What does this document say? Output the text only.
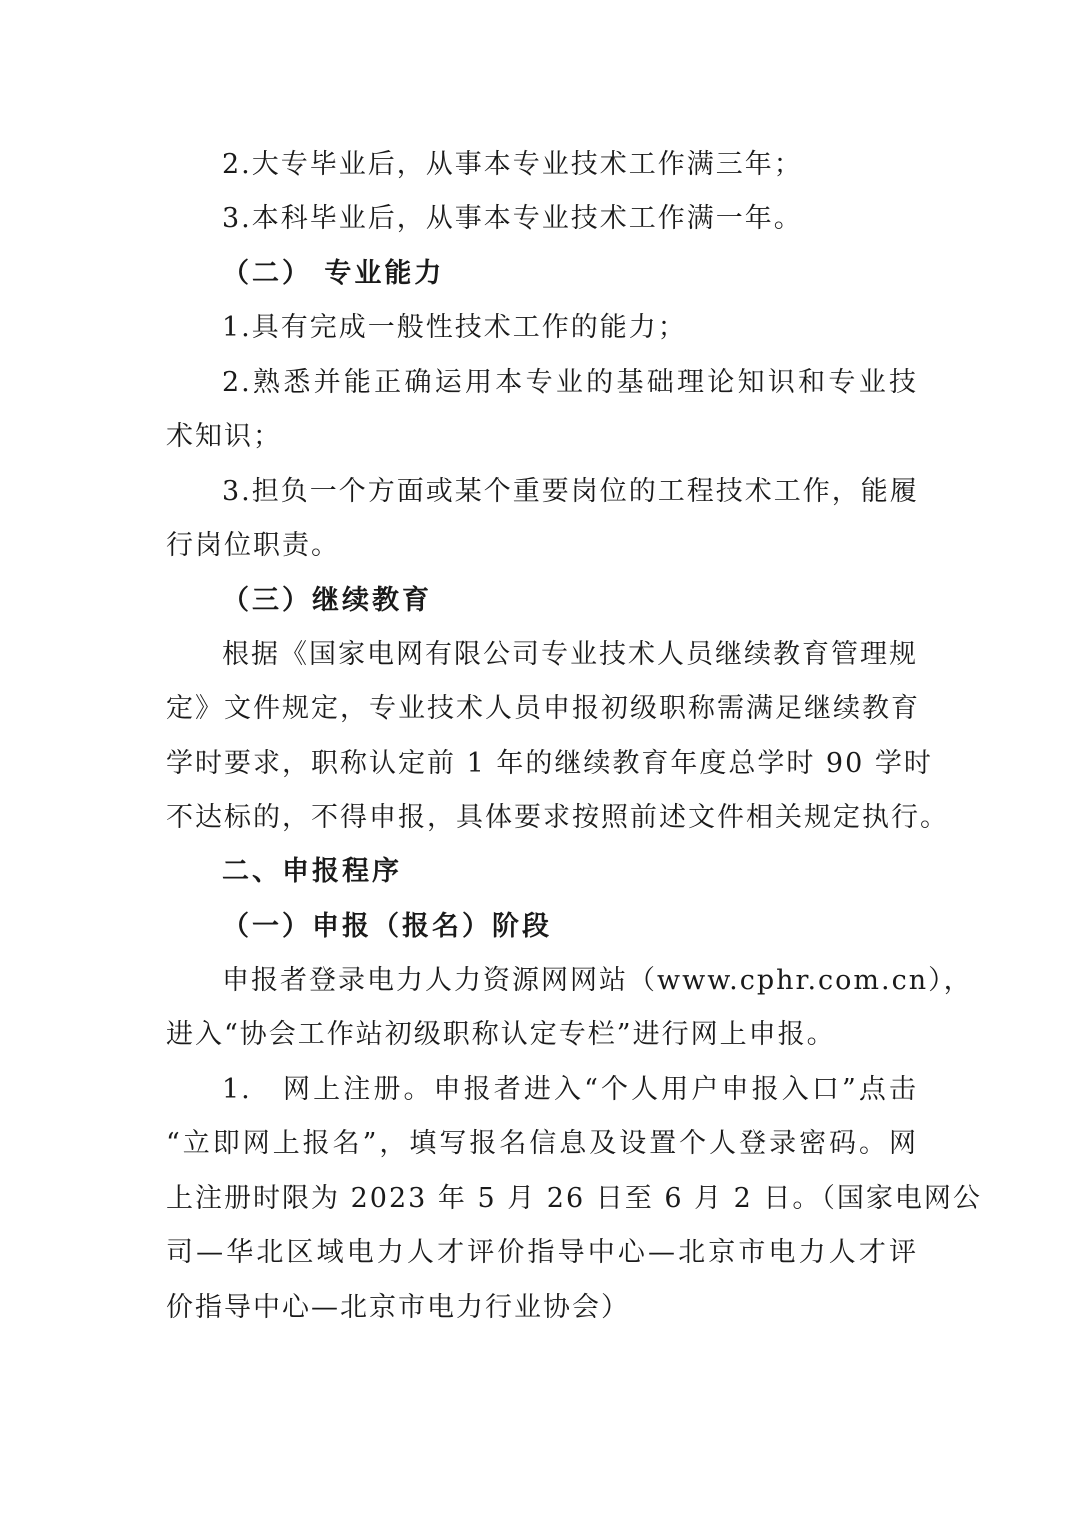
2.大专毕业后，从事本专业技术工作满三年；
3.本科毕业后，从事本专业技术工作满一年。
（二） 专业能力
1.具有完成一般性技术工作的能力；
2.熟悉并能正确运用本专业的基础理论知识和专业技
术知识；
3.担负一个方面或某个重要岗位的工程技术工作，能履
行岗位职责。
（三）继续教育
根据《国家电网有限公司专业技术人员继续教育管理规
定》文件规定，专业技术人员申报初级职称需满足继续教育
学时要求，职称认定前 1 年的继续教育年度总学时 90 学时
不达标的，不得申报，具体要求按照前述文件相关规定执行。
二、申报程序
（一）申报（报名）阶段
申报者登录电力人力资源网网站（www.cphr.com.cn），
进入“协会工作站初级职称认定专栏”进行网上申报。
1.　网上注册。申报者进入“个人用户申报入口”点击
“立即网上报名”，填写报名信息及设置个人登录密码。网
上注册时限为 2023 年 5 月 26 日至 6 月 2 日。（国家电网公
司—华北区域电力人才评价指导中心—北京市电力人才评
价指导中心—北京市电力行业协会）
